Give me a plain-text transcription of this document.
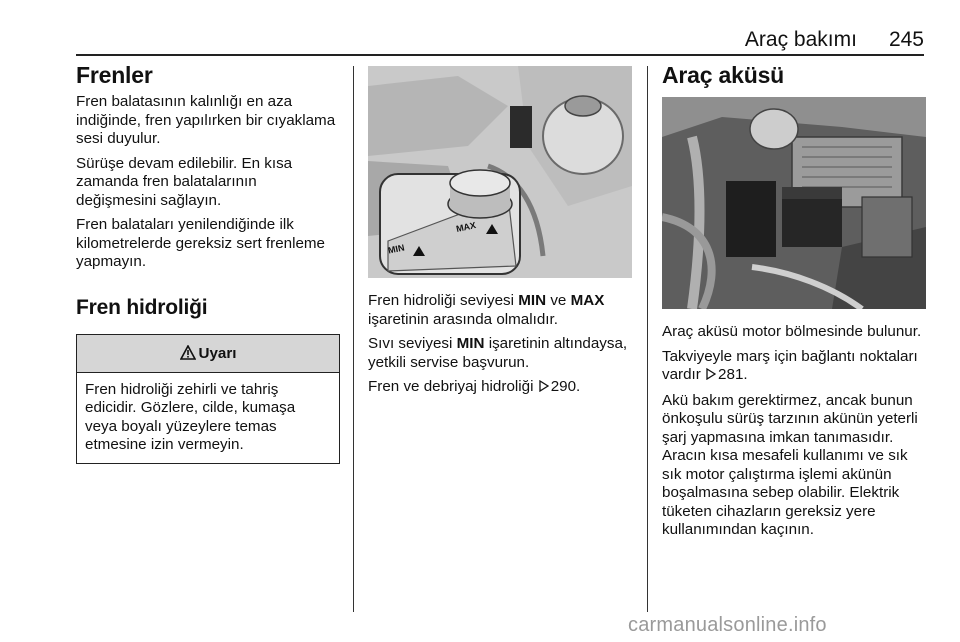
Araç bakımı 245
Frenler

Fren balatasının kalınlığı en aza indiğinde, fren yapılırken bir cıyaklama sesi duyulur.

Sürüşe devam edilebilir. En kısa zamanda fren balatalarının değişmesini sağlayın.

Fren balataları yenilendiğinde ilk kilometrelerde gereksiz sert frenleme yapmayın.

Fren hidroliği
Uyarı

Fren hidroliği zehirli ve tahriş edicidir. Gözlere, cilde, kumaşa veya boyalı yüzeylere temas etmesine izin vermeyin.

MAX
MIN

Fren hidroliği seviyesi MIN ve MAX işaretinin arasında olmalıdır.

Sıvı seviyesi MIN işaretinin altındaysa, yetkili servise başvurun.

Fren ve debriyaj hidroliği 290.

Araç aküsü

Araç aküsü motor bölmesinde bulunur.

Takviyeyle marş için bağlantı noktaları vardır 281.

Akü bakım gerektirmez, ancak bunun önkoşulu sürüş tarzının akünün yeterli şarj yapmasına imkan tanımasıdır. Aracın kısa mesafeli kullanımı ve sık sık motor çalıştırma işlemi akünün boşalmasına sebep olabilir. Elektrik tüketen cihazların gereksiz yere kullanımından kaçının.

carmanualsonline.info
